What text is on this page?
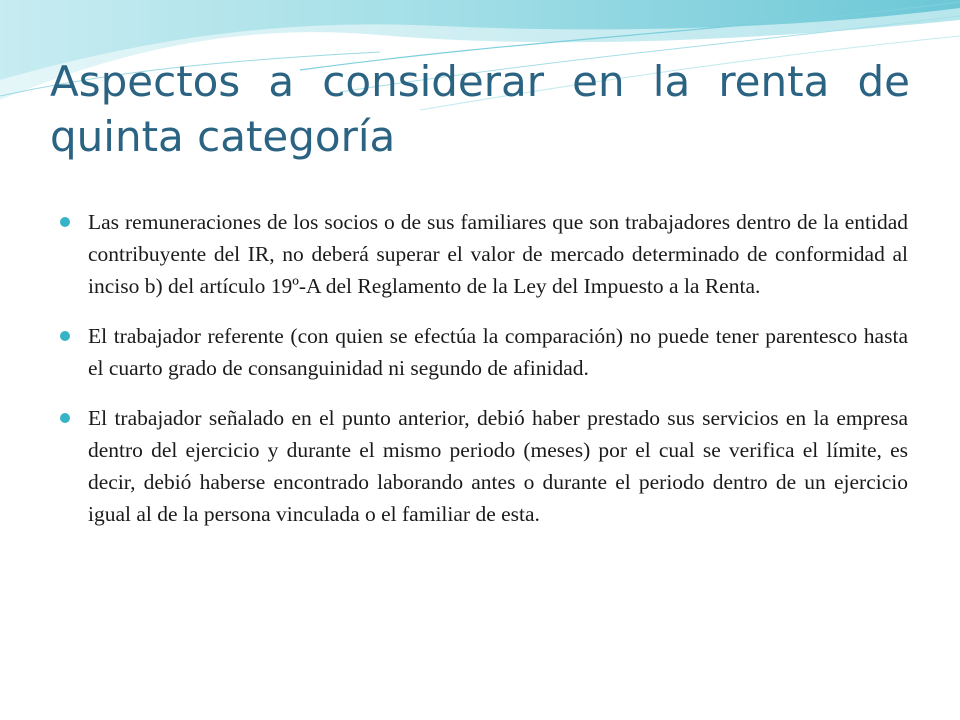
Aspectos a considerar en la renta de quinta categoría
Las remuneraciones de los socios o de sus familiares que son trabajadores dentro de la entidad contribuyente del IR, no deberá superar el valor de mercado determinado de conformidad al inciso b) del artículo 19º-A del Reglamento de la Ley del Impuesto a la Renta.
El trabajador referente (con quien se efectúa la comparación) no puede tener parentesco hasta el cuarto grado de consanguinidad ni segundo de afinidad.
El trabajador señalado en el punto anterior, debió haber prestado sus servicios en la empresa dentro del ejercicio y durante el mismo periodo (meses) por el cual se verifica el límite, es decir, debió haberse encontrado laborando antes o durante el periodo dentro de un ejercicio igual al de la persona vinculada o el familiar de esta.
